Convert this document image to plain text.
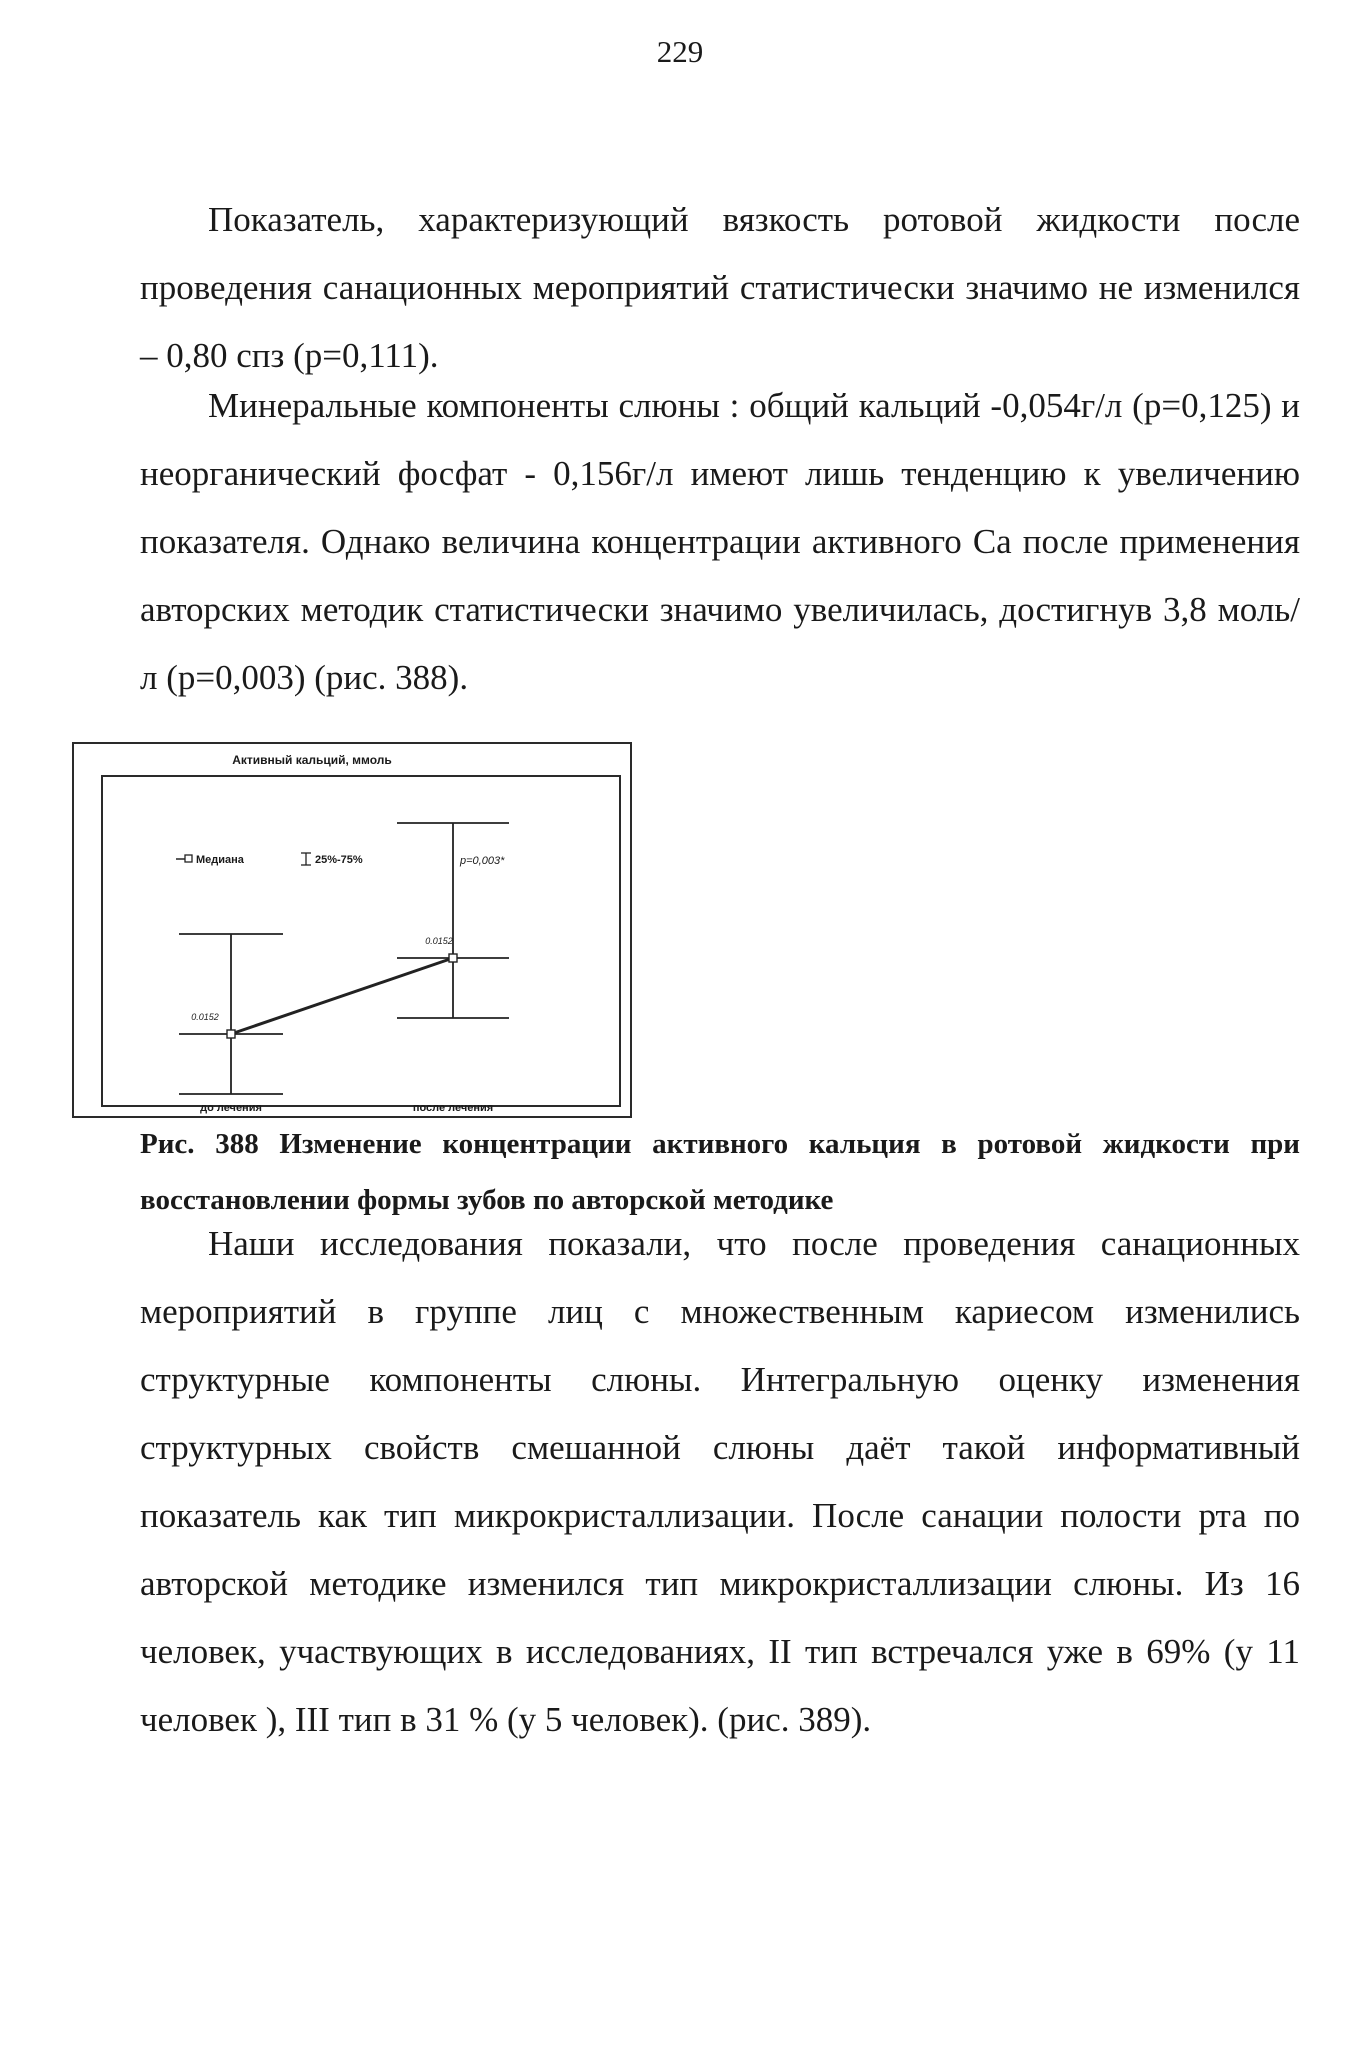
229

Показатель, характеризующий вязкость ротовой жидкости после проведения санационных мероприятий статистически значимо не изменился – 0,80 спз (p=0,111).

Минеральные компоненты слюны : общий кальций -0,054г/л (p=0,125) и неорганический фосфат - 0,156г/л имеют лишь тенденцию к увеличению показателя. Однако величина концентрации активного Са после применения авторских методик статистически значимо увеличилась, достигнув 3,8 моль/л (p=0,003) (рис. 388).

Активный кальций, ммоль
Медиана	25%-75%	p=0,003*
0.0152
0.0152
до лечения	после лечения

Рис. 388 Изменение концентрации активного кальция в ротовой жидкости при восстановлении формы зубов по авторской методике

Наши исследования показали, что после проведения санационных мероприятий в группе лиц с множественным кариесом изменились структурные компоненты слюны. Интегральную оценку изменения структурных свойств смешанной слюны даёт такой информативный показатель как тип микрокристаллизации. После санации полости рта по авторской методике изменился тип микрокристаллизации слюны. Из 16 человек, участвующих в исследованиях, II тип встречался уже в 69% (у 11 человек ), III тип в 31 % (у 5 человек). (рис. 389).
